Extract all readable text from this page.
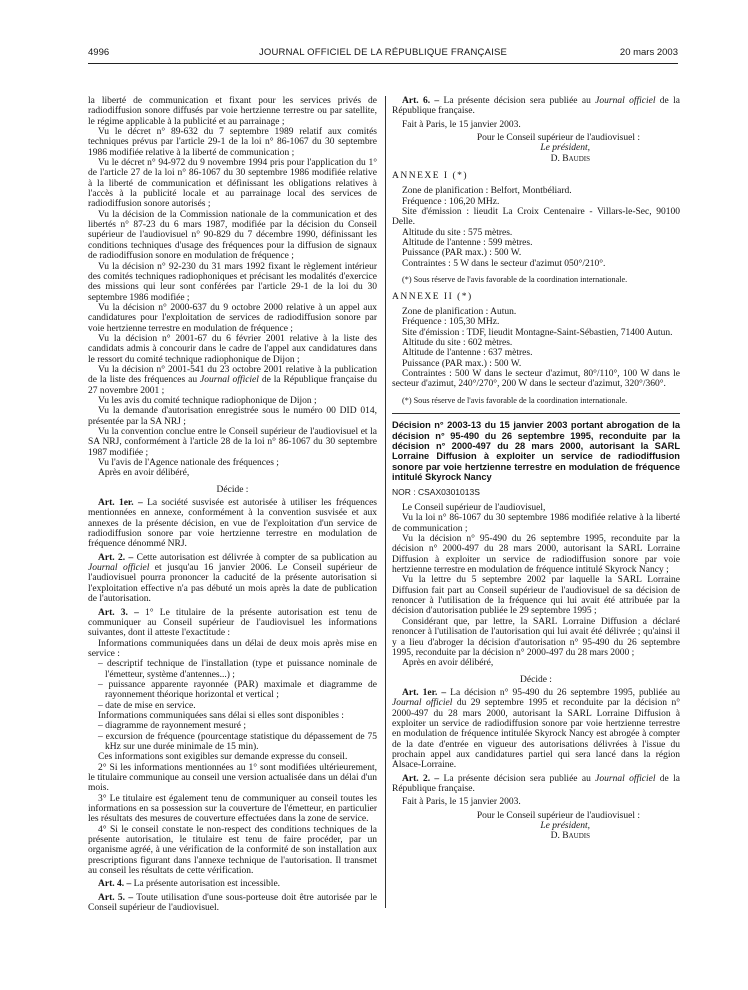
4996	JOURNAL OFFICIEL DE LA RÉPUBLIQUE FRANÇAISE	20 mars 2003

la liberté de communication et fixant pour les services privés de radiodiffusion sonore diffusés par voie hertzienne terrestre ou par satellite, le régime applicable à la publicité et au parrainage ;

Vu le décret n° 89-632 du 7 septembre 1989 relatif aux comités techniques prévus par l'article 29-1 de la loi n° 86-1067 du 30 septembre 1986 modifiée relative à la liberté de communication ;

Vu le décret n° 94-972 du 9 novembre 1994 pris pour l'application du 1° de l'article 27 de la loi n° 86-1067 du 30 septembre 1986 modifiée relative à la liberté de communication et définissant les obligations relatives à l'accès à la publicité locale et au parrainage local des services de radiodiffusion sonore autorisés ;

Vu la décision de la Commission nationale de la communication et des libertés n° 87-23 du 6 mars 1987, modifiée par la décision du Conseil supérieur de l'audiovisuel n° 90-829 du 7 décembre 1990, définissant les conditions techniques d'usage des fréquences pour la diffusion de signaux de radiodiffusion sonore en modulation de fréquence ;

Vu la décision n° 92-230 du 31 mars 1992 fixant le règlement intérieur des comités techniques radiophoniques et précisant les modalités d'exercice des missions qui leur sont conférées par l'article 29-1 de la loi du 30 septembre 1986 modifiée ;

Vu la décision n° 2000-637 du 9 octobre 2000 relative à un appel aux candidatures pour l'exploitation de services de radiodiffusion sonore par voie hertzienne terrestre en modulation de fréquence ;

Vu la décision n° 2001-67 du 6 février 2001 relative à la liste des candidats admis à concourir dans le cadre de l'appel aux candidatures dans le ressort du comité technique radiophonique de Dijon ;

Vu la décision n° 2001-541 du 23 octobre 2001 relative à la publication de la liste des fréquences au Journal officiel de la République française du 27 novembre 2001 ;

Vu les avis du comité technique radiophonique de Dijon ;

Vu la demande d'autorisation enregistrée sous le numéro 00 DID 014, présentée par la SA NRJ ;

Vu la convention conclue entre le Conseil supérieur de l'audiovisuel et la SA NRJ, conformément à l'article 28 de la loi n° 86-1067 du 30 septembre 1987 modifiée ;

Vu l'avis de l'Agence nationale des fréquences ;

Après en avoir délibéré,

Décide :

Art. 1er. – La société susvisée est autorisée à utiliser les fréquences mentionnées en annexe, conformément à la convention susvisée et aux annexes de la présente décision, en vue de l'exploitation d'un service de radiodiffusion sonore par voie hertzienne terrestre en modulation de fréquence dénommé NRJ.

Art. 2. – Cette autorisation est délivrée à compter de sa publication au Journal officiel et jusqu'au 16 janvier 2006. Le Conseil supérieur de l'audiovisuel pourra prononcer la caducité de la présente autorisation si l'exploitation effective n'a pas débuté un mois après la date de publication de l'autorisation.

Art. 3. – 1° Le titulaire de la présente autorisation est tenu de communiquer au Conseil supérieur de l'audiovisuel les informations suivantes, dont il atteste l'exactitude :

Informations communiquées dans un délai de deux mois après mise en service :

– descriptif technique de l'installation (type et puissance nominale de l'émetteur, système d'antennes...) ;

– puissance apparente rayonnée (PAR) maximale et diagramme de rayonnement théorique horizontal et vertical ;

– date de mise en service.

Informations communiquées sans délai si elles sont disponibles :

– diagramme de rayonnement mesuré ;

– excursion de fréquence (pourcentage statistique du dépassement de 75 kHz sur une durée minimale de 15 min).

Ces informations sont exigibles sur demande expresse du conseil.

2° Si les informations mentionnées au 1° sont modifiées ultérieurement, le titulaire communique au conseil une version actualisée dans un délai d'un mois.

3° Le titulaire est également tenu de communiquer au conseil toutes les informations en sa possession sur la couverture de l'émetteur, en particulier les résultats des mesures de couverture effectuées dans la zone de service.

4° Si le conseil constate le non-respect des conditions techniques de la présente autorisation, le titulaire est tenu de faire procéder, par un organisme agréé, à une vérification de la conformité de son installation aux prescriptions figurant dans l'annexe technique de l'autorisation. Il transmet au conseil les résultats de cette vérification.

Art. 4. – La présente autorisation est incessible.

Art. 5. – Toute utilisation d'une sous-porteuse doit être autorisée par le Conseil supérieur de l'audiovisuel.

Art. 6. – La présente décision sera publiée au Journal officiel de la République française.

Fait à Paris, le 15 janvier 2003.

Pour le Conseil supérieur de l'audiovisuel :

Le président,

D. Baudis

ANNEXE I (*)

Zone de planification : Belfort, Montbéliard.

Fréquence : 106,20 MHz.

Site d'émission : lieudit La Croix Centenaire - Villars-le-Sec, 90100 Delle.

Altitude du site : 575 mètres.

Altitude de l'antenne : 599 mètres.

Puissance (PAR max.) : 500 W.

Contraintes : 5 W dans le secteur d'azimut 050°/210°.

(*) Sous réserve de l'avis favorable de la coordination internationale.

ANNEXE II (*)

Zone de planification : Autun.

Fréquence : 105,30 MHz.

Site d'émission : TDF, lieudit Montagne-Saint-Sébastien, 71400 Autun.

Altitude du site : 602 mètres.

Altitude de l'antenne : 637 mètres.

Puissance (PAR max.) : 500 W.

Contraintes : 500 W dans le secteur d'azimut, 80°/110°, 100 W dans le secteur d'azimut, 240°/270°, 200 W dans le secteur d'azimut, 320°/360°.

(*) Sous réserve de l'avis favorable de la coordination internationale.

Décision n° 2003-13 du 15 janvier 2003 portant abrogation de la décision n° 95-490 du 26 septembre 1995, reconduite par la décision n° 2000-497 du 28 mars 2000, autorisant la SARL Lorraine Diffusion à exploiter un service de radiodiffusion sonore par voie hertzienne terrestre en modulation de fréquence intitulé Skyrock Nancy

NOR : CSAX0301013S

Le Conseil supérieur de l'audiovisuel,

Vu la loi n° 86-1067 du 30 septembre 1986 modifiée relative à la liberté de communication ;

Vu la décision n° 95-490 du 26 septembre 1995, reconduite par la décision n° 2000-497 du 28 mars 2000, autorisant la SARL Lorraine Diffusion à exploiter un service de radiodiffusion sonore par voie hertzienne terrestre en modulation de fréquence intitulé Skyrock Nancy ;

Vu la lettre du 5 septembre 2002 par laquelle la SARL Lorraine Diffusion fait part au Conseil supérieur de l'audiovisuel de sa décision de renoncer à l'utilisation de la fréquence qui lui avait été attribuée par la décision d'autorisation publiée le 29 septembre 1995 ;

Considérant que, par lettre, la SARL Lorraine Diffusion a déclaré renoncer à l'utilisation de l'autorisation qui lui avait été délivrée ; qu'ainsi il y a lieu d'abroger la décision d'autorisation n° 95-490 du 26 septembre 1995, reconduite par la décision n° 2000-497 du 28 mars 2000 ;

Après en avoir délibéré,

Décide :

Art. 1er. – La décision n° 95-490 du 26 septembre 1995, publiée au Journal officiel du 29 septembre 1995 et reconduite par la décision n° 2000-497 du 28 mars 2000, autorisant la SARL Lorraine Diffusion à exploiter un service de radiodiffusion sonore par voie hertzienne terrestre en modulation de fréquence intitulée Skyrock Nancy est abrogée à compter de la date d'entrée en vigueur des autorisations délivrées à l'issue du prochain appel aux candidatures partiel qui sera lancé dans la région Alsace-Lorraine.

Art. 2. – La présente décision sera publiée au Journal officiel de la République française.

Fait à Paris, le 15 janvier 2003.

Pour le Conseil supérieur de l'audiovisuel :

Le président,

D. Baudis
